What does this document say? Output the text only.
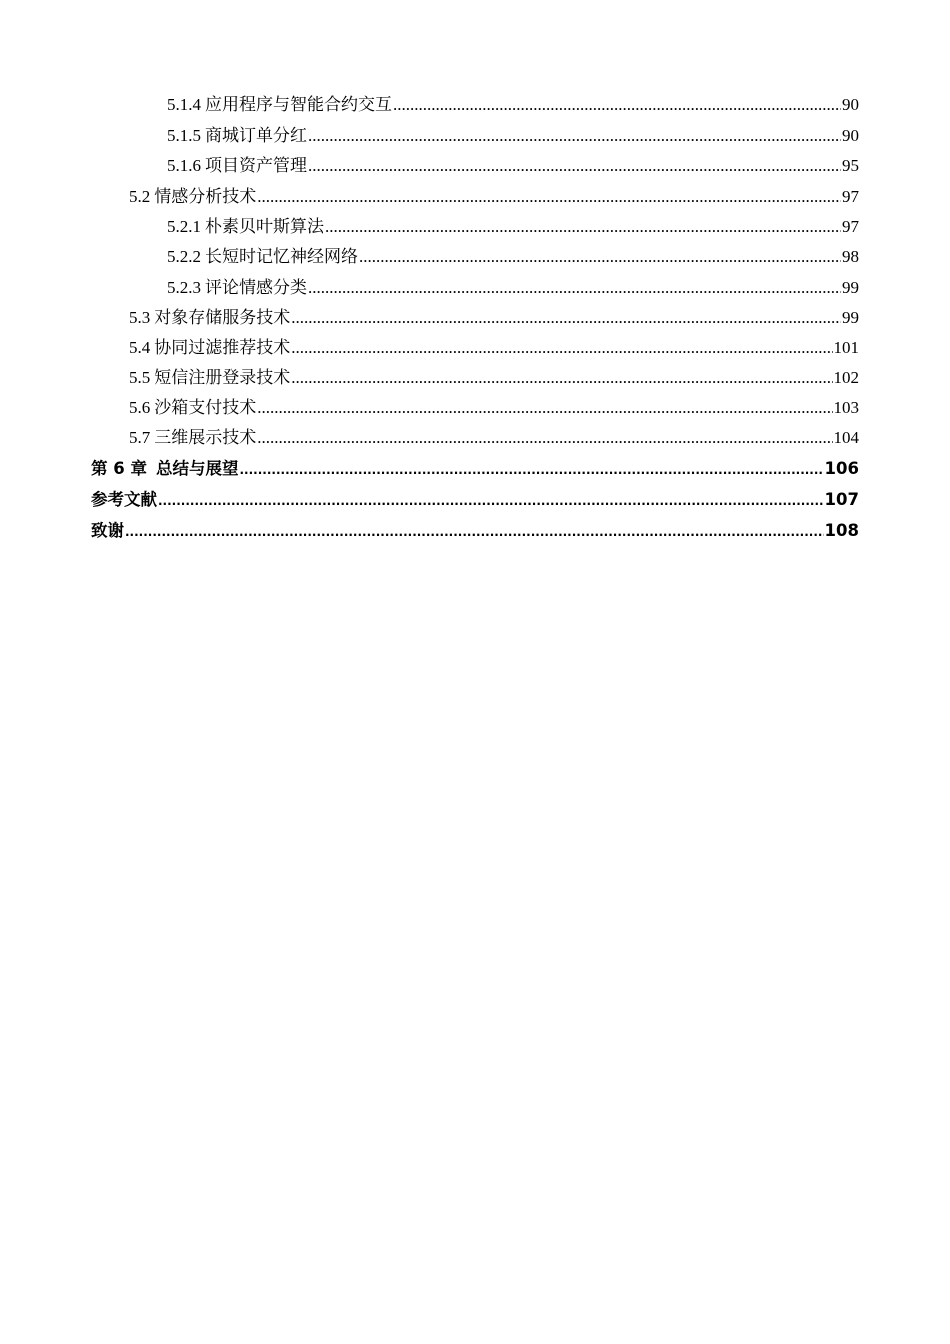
5.1.4 应用程序与智能合约交互 .....	90
5.1.5 商城订单分红 .....	90
5.1.6 项目资产管理 .....	95
5.2 情感分析技术 .....	97
5.2.1 朴素贝叶斯算法 .....	97
5.2.2 长短时记忆神经网络 .....	98
5.2.3 评论情感分类 .....	99
5.3 对象存储服务技术 .....	99
5.4 协同过滤推荐技术 .....	101
5.5 短信注册登录技术 .....	102
5.6 沙箱支付技术 .....	103
5.7 三维展示技术 .....	104
第 6 章 总结与展望 .....	106
参考文献 .....	107
致谢 .....	108
